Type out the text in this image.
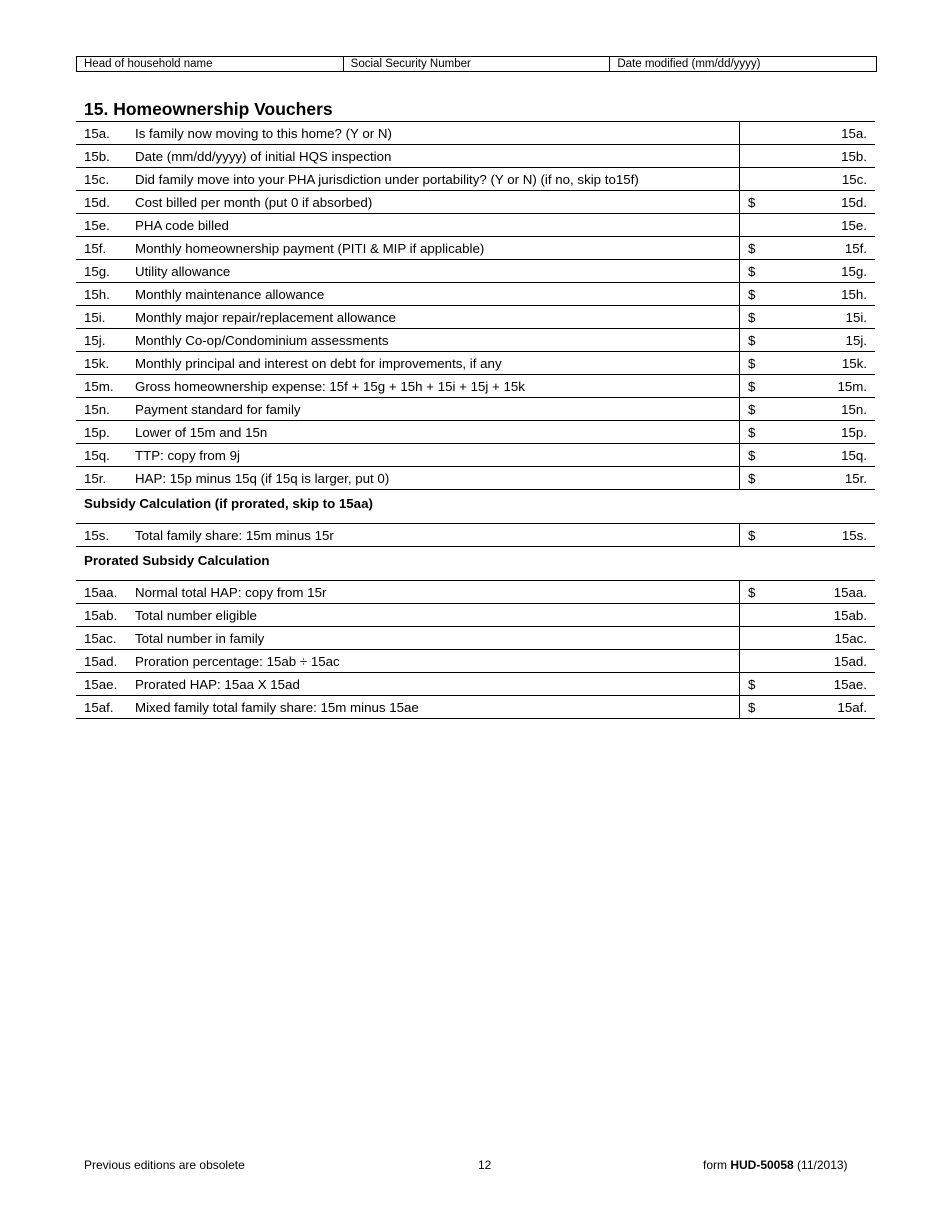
Head of household name	Social Security Number	Date modified (mm/dd/yyyy)
15. Homeownership Vouchers
15a. Is family now moving to this home? (Y or N)	15a.
15b. Date (mm/dd/yyyy) of initial HQS inspection	15b.
15c. Did family move into your PHA jurisdiction under portability? (Y or N) (if no, skip to15f)	15c.
15d. Cost billed per month (put 0 if absorbed)	$	15d.
15e. PHA code billed	15e.
15f. Monthly homeownership payment (PITI & MIP if applicable)	$	15f.
15g. Utility allowance	$	15g.
15h. Monthly maintenance allowance	$	15h.
15i. Monthly major repair/replacement allowance	$	15i.
15j. Monthly Co-op/Condominium assessments	$	15j.
15k. Monthly principal and interest on debt for improvements, if any	$	15k.
15m. Gross homeownership expense: 15f + 15g + 15h + 15i + 15j + 15k	$	15m.
15n. Payment standard for family	$	15n.
15p. Lower of 15m and 15n	$	15p.
15q. TTP: copy from 9j	$	15q.
15r. HAP: 15p minus 15q (if 15q is larger, put 0)	$	15r.
Subsidy Calculation (if prorated, skip to 15aa)
15s. Total family share: 15m minus 15r	$	15s.
Prorated Subsidy Calculation
15aa. Normal total HAP: copy from 15r	$	15aa.
15ab. Total number eligible	15ab.
15ac. Total number in family	15ac.
15ad. Proration percentage: 15ab ÷ 15ac	15ad.
15ae. Prorated HAP: 15aa X 15ad	$	15ae.
15af. Mixed family total family share: 15m minus 15ae	$	15af.
Previous editions are obsolete	12	form HUD-50058 (11/2013)
